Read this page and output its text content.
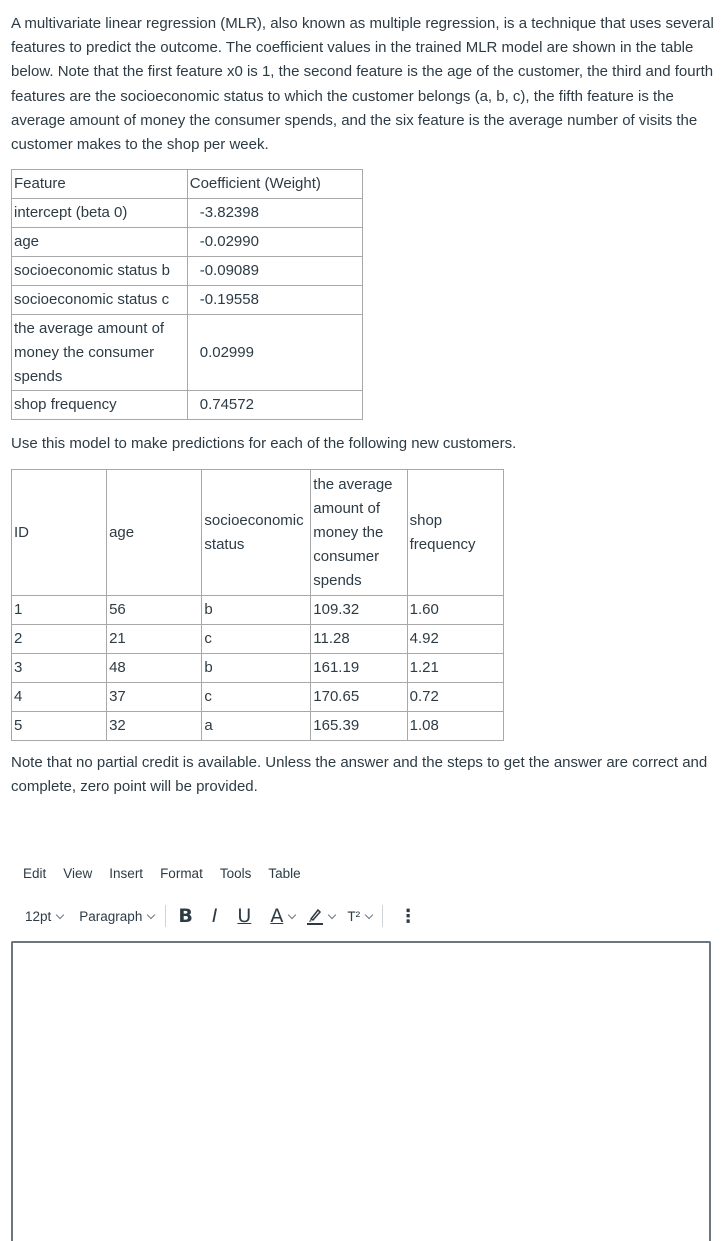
A multivariate linear regression (MLR), also known as multiple regression, is a technique that uses several features to predict the outcome. The coefficient values in the trained MLR model are shown in the table below. Note that the first feature x0 is 1, the second feature is the age of the customer, the third and fourth features are the socioeconomic status to which the customer belongs (a, b, c), the fifth feature is the average amount of money the consumer spends, and the six feature is the average number of visits the customer makes to the shop per week.

Feature	Coefficient (Weight)
intercept (beta 0)	-3.82398
age	-0.02990
socioeconomic status b	-0.09089
socioeconomic status c	-0.19558
the average amount of money the consumer spends	0.02999
shop frequency	0.74572

Use this model to make predictions for each of the following new customers.

ID	age	socioeconomic status	the average amount of money the consumer spends	shop frequency
1	56	b	109.32	1.60
2	21	c	11.28	4.92
3	48	b	161.19	1.21
4	37	c	170.65	0.72
5	32	a	165.39	1.08

Note that no partial credit is available. Unless the answer and the steps to get the answer are correct and complete, zero point will be provided.

Edit View Insert Format Tools Table
12pt Paragraph B I U A	T² ⋮
